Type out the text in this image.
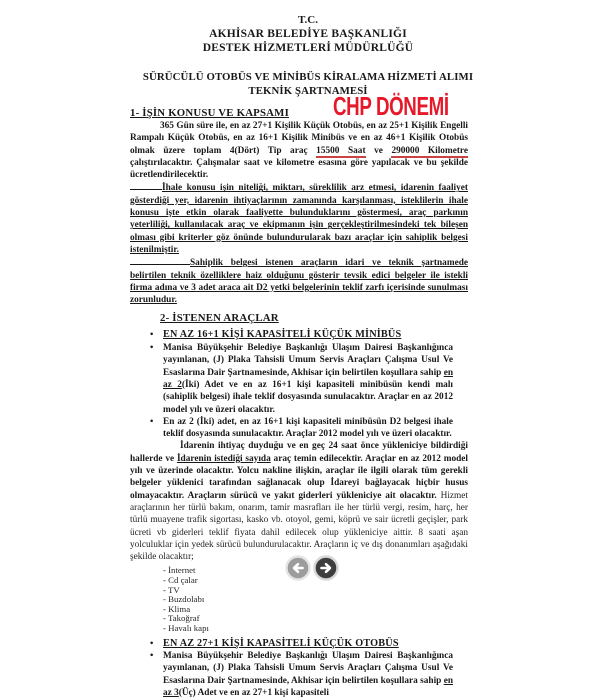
T.C.
AKHİSAR BELEDİYE BAŞKANLIĞI
DESTEK HİZMETLERİ MÜDÜRLÜĞÜ
SÜRÜCÜLÜ OTOBÜS VE MİNİBÜS KİRALAMA HİZMETİ ALIMI
TEKNİK ŞARTNAMESİ
CHP DÖNEMİ
1- İŞİN KONUSU VE KAPSAMI

365 Gün süre ile, en az 27+1 Kişilik Küçük Otobüs, en az 25+1 Kişilik Engelli Rampalı Küçük Otobüs, en az 16+1 Kişilik Minibüs ve en az 46+1 Kişilik Otobüs olmak üzere toplam 4(Dört) Tip araç 15500 Saat ve 290000 Kilometre çalıştırılacaktır. Çalışmalar saat ve kilometre esasına göre yapılacak ve bu şekilde ücretlendirilecektir.

İhale konusu işin niteliği, miktarı, süreklilik arz etmesi, idarenin faaliyet gösterdiği yer, idarenin ihtiyaçlarının zamanında karşılanması, isteklilerin ihale konusu işte etkin olarak faaliyette bulunduklarını göstermesi, araç parkının yeterliliği, kullanılacak araç ve ekipmanın işin gerçekleştirilmesindeki tek bileşen olması gibi kriterler göz önünde bulundurularak bazı araçlar için sahiplik belgesi istenilmiştir.

Sahiplik belgesi istenen araçların idari ve teknik şartnamede belirtilen teknik özelliklere haiz olduğunu gösterir tevsik edici belgeler ile istekli firma adına ve 3 adet araca ait D2 yetki belgelerinin teklif zarfı içerisinde sunulması zorunludur.

2- İSTENEN ARAÇLAR
• EN AZ 16+1 KİŞİ KAPASİTELİ KÜÇÜK MİNİBÜS
•	Manisa Büyükşehir Belediye Başkanlığı Ulaşım Dairesi Başkanlığınca yayınlanan, (J) Plaka Tahsisli Umum Servis Araçları Çalışma Usul Ve Esaslarına Dair Şartnamesinde, Akhisar için belirtilen koşullara sahip en az 2(İki) Adet ve en az 16+1 kişi kapasiteli minibüsün kendi malı (sahiplik belgesi) ihale teklif dosyasında sunulacaktır. Araçlar en az 2012 model yılı ve üzeri olacaktır.

•	En az 2 (İki) adet, en az 16+1 kişi kapasiteli minibüsün D2 belgesi ihale teklif dosyasında sunulacaktır. Araçlar 2012 model yılı ve üzeri olacaktır.

İdarenin ihtiyaç duyduğu ve en geç 24 saat önce yükleniciye bildirdiği hallerde ve İdarenin istediği sayıda araç temin edilecektir. Araçlar en az 2012 model yılı ve üzerinde olacaktır. Yolcu nakline ilişkin, araçlar ile ilgili olarak tüm gerekli belgeler yüklenici tarafından sağlanacak olup İdareyi bağlayacak hiçbir husus olmayacaktır. Araçların sürücü ve yakıt giderleri yükleniciye ait olacaktır. Hizmet araçlarının her türlü bakım, onarım, tamir masrafları ile her türlü vergi, resim, harç, her türlü muayene trafik sigortası, kasko vb. otoyol, gemi, köprü ve sair ücretli geçişler, park ücreti vb giderleri teklif fiyata dahil edilecek olup yükleniciye aittir. 8 saati aşan yolculuklar için yedek sürücü bulundurulacaktır. Araçların iç ve dış donanımları aşağıdaki şekilde olacaktır;

- İnternet
- Cd çalar
- TV
- Buzdolabı
- Klima
- Takoğraf
- Havalı kapı
• EN AZ 27+1 KİŞİ KAPASİTELİ KÜÇÜK OTOBÜS
•	Manisa Büyükşehir Belediye Başkanlığı Ulaşım Dairesi Başkanlığınca yayınlanan, (J) Plaka Tahsisli Umum Servis Araçları Çalışma Usul Ve Esaslarına Dair Şartnamesinde, Akhisar için belirtilen koşullara sahip en az 3(Üç) Adet ve en az 27+1 kişi kapasiteli
